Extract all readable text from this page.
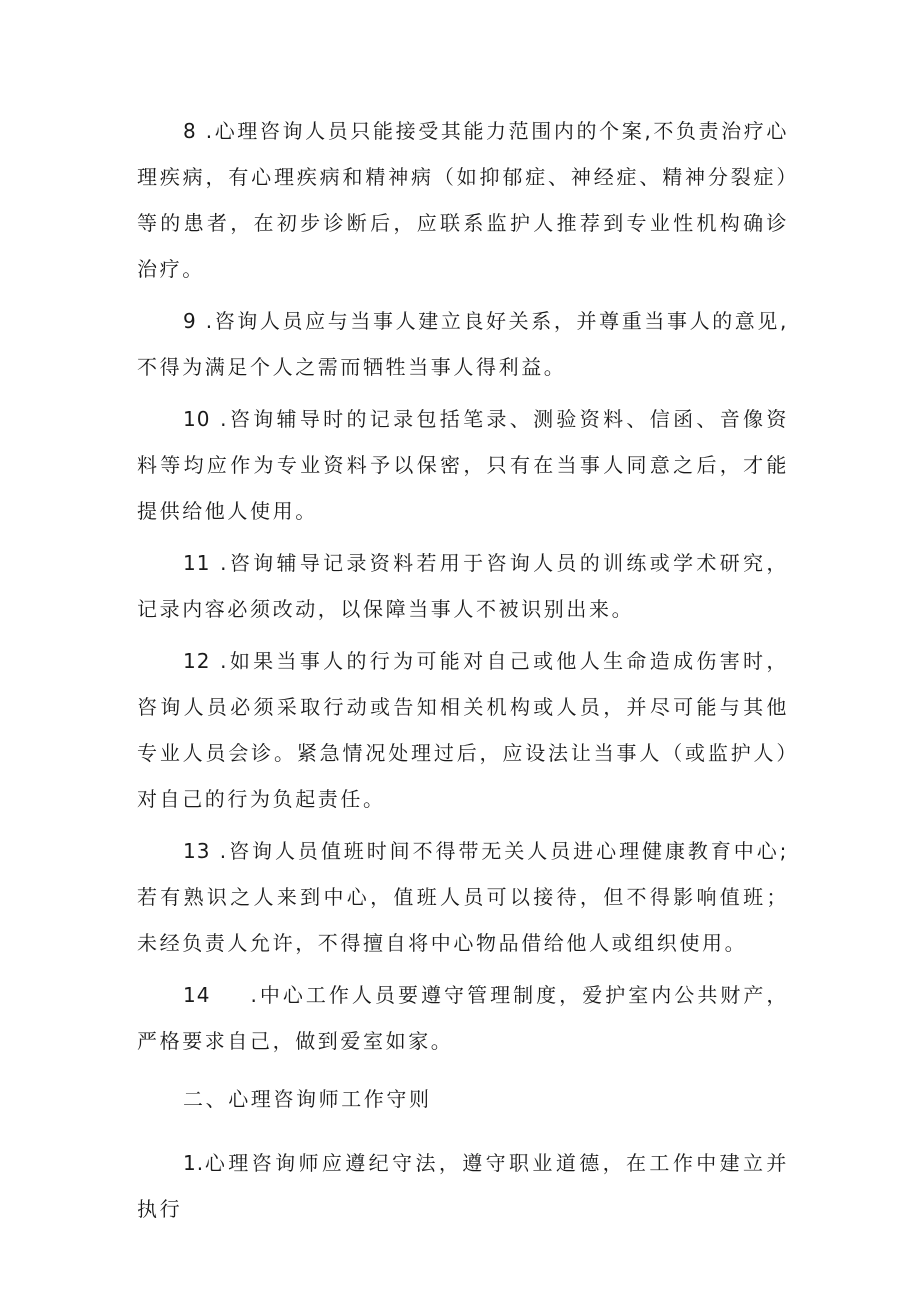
8 .心理咨询人员只能接受其能力范围内的个案,不负责治疗心理疾病，有心理疾病和精神病（如抑郁症、神经症、精神分裂症）等的患者，在初步诊断后，应联系监护人推荐到专业性机构确诊治疗。

9 .咨询人员应与当事人建立良好关系，并尊重当事人的意见,不得为满足个人之需而牺牲当事人得利益。

10 .咨询辅导时的记录包括笔录、测验资料、信函、音像资料等均应作为专业资料予以保密，只有在当事人同意之后，才能提供给他人使用。

11 .咨询辅导记录资料若用于咨询人员的训练或学术研究，记录内容必须改动，以保障当事人不被识别出来。

12 .如果当事人的行为可能对自己或他人生命造成伤害时，咨询人员必须采取行动或告知相关机构或人员，并尽可能与其他专业人员会诊。紧急情况处理过后，应设法让当事人（或监护人）对自己的行为负起责任。

13 .咨询人员值班时间不得带无关人员进心理健康教育中心;若有熟识之人来到中心，值班人员可以接待，但不得影响值班；未经负责人允许，不得擅自将中心物品借给他人或组织使用。

14 .中心工作人员要遵守管理制度，爱护室内公共财产，严格要求自己，做到爱室如家。

二、心理咨询师工作守则

1.心理咨询师应遵纪守法，遵守职业道德，在工作中建立并执行
